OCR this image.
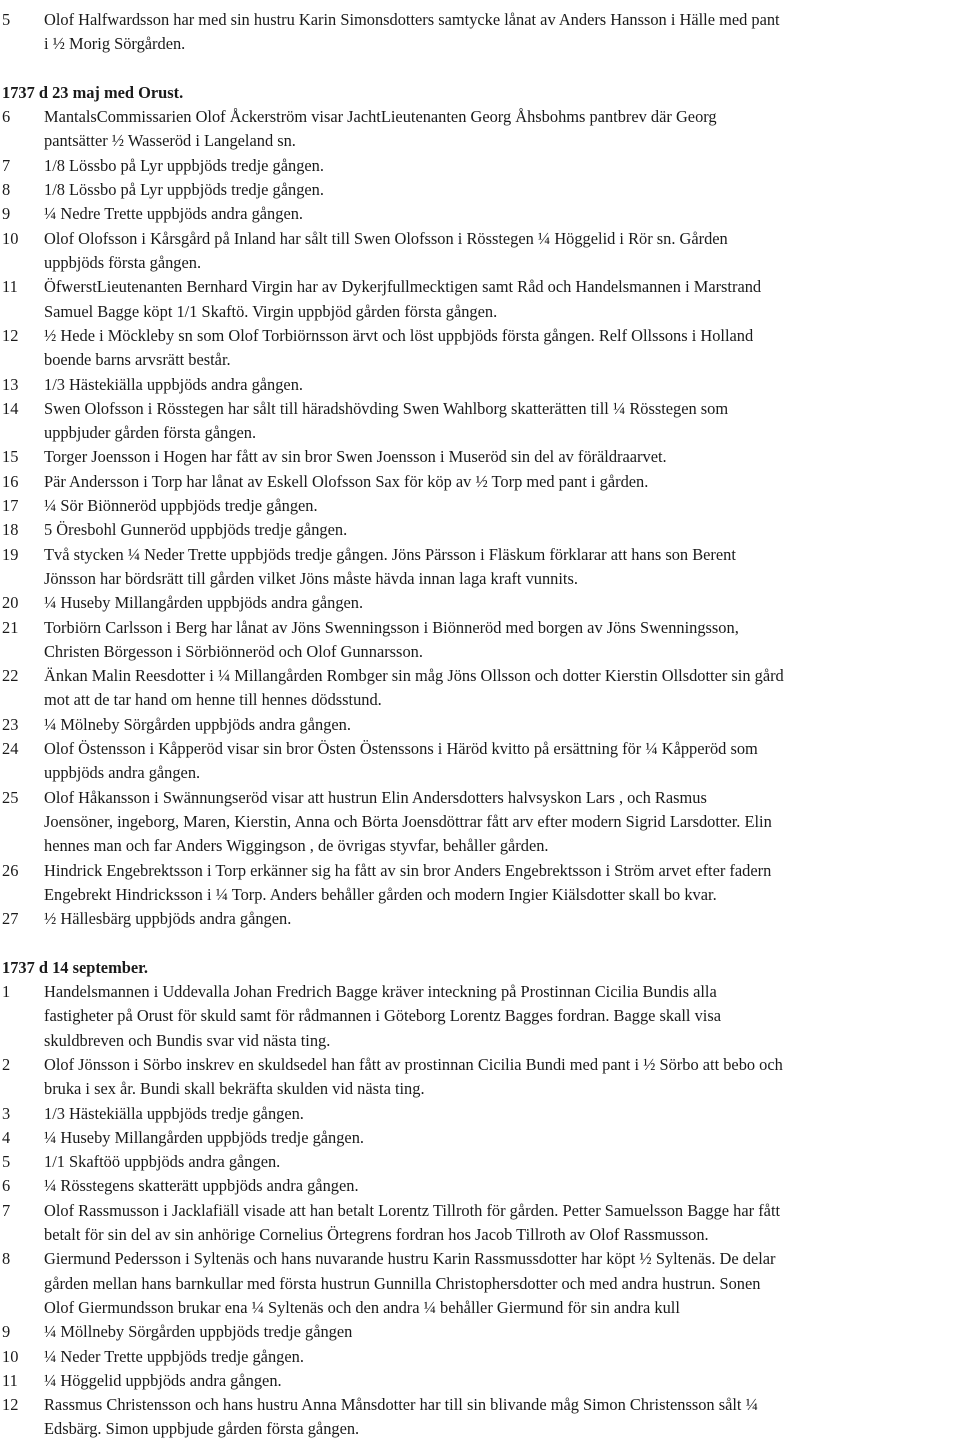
5 Olof Halfwardsson har med sin hustru Karin Simonsdotters samtycke lånat av Anders Hansson i Hälle med pant
i ½ Morig Sörgården.
1737 d 23 maj med Orust.
6 MantalsCommissarien Olof Åckerström visar JachtLieutenanten Georg Åhsbohms pantbrev där Georg
pantsätter ½ Wasseröd i Langeland sn.
7 1/8 Lössbo på Lyr uppbjöds tredje gången.
8 1/8 Lössbo på Lyr uppbjöds tredje gången.
9 ¼ Nedre Trette uppbjöds andra gången.
10 Olof Olofsson i Kårsgård på Inland har sålt till Swen Olofsson i Rösstegen ¼ Höggelid i Rör sn. Gården
uppbjöds första gången.
11 ÖfwerstLieutenanten Bernhard Virgin har av Dykerjfullmecktigen samt Råd och Handelsmannen i Marstrand
Samuel Bagge köpt 1/1 Skaftö. Virgin uppbjöd gården första gången.
12 ½ Hede i Möckleby sn som Olof Torbiörnsson ärvt och löst uppbjöds första gången. Relf Ollssons i Holland
boende barns arvsrätt består.
13 1/3 Hästekiälla uppbjöds andra gången.
14 Swen Olofsson i Rösstegen har sålt till häradshövding Swen Wahlborg skatterätten till ¼ Rösstegen som
uppbjuder gården första gången.
15 Torger Joensson i Hogen har fått av sin bror Swen Joensson i Museröd sin del av föräldraarvet.
16 Pär Andersson i Torp har lånat av Eskell Olofsson Sax för köp av ½ Torp med pant i gården.
17 ¼ Sör Biönneröd uppbjöds tredje gången.
18 5 Öresbohl Gunneröd uppbjöds tredje gången.
19 Två stycken ¼ Neder Trette uppbjöds tredje gången. Jöns Pärsson i Fläskum förklarar att hans son Berent
Jönsson har bördsrätt till gården vilket Jöns måste hävda innan laga kraft vunnits.
20 ¼ Huseby Millangården uppbjöds andra gången.
21 Torbiörn Carlsson i Berg har lånat av Jöns Swenningsson i Biönneröd med borgen av Jöns Swenningsson,
Christen Börgesson i Sörbiönneröd och Olof Gunnarsson.
22 Änkan Malin Reesdotter i ¼ Millangården Rombger sin måg Jöns Ollsson och dotter Kierstin Ollsdotter sin gård
mot att de tar hand om henne till hennes dödsstund.
23 ¼ Mölneby Sörgården uppbjöds andra gången.
24 Olof Östensson i Kåpperöd visar sin bror Östen Östenssons i Häröd kvitto på ersättning för ¼ Kåpperöd som
uppbjöds andra gången.
25 Olof Håkansson i Swännungseröd visar att hustrun Elin Andersdotters halvsyskon Lars , och Rasmus
Joensöner, ingeborg, Maren, Kierstin, Anna och Börta Joensdöttrar fått arv efter modern Sigrid Larsdotter. Elin
hennes man och far Anders Wiggingson , de övrigas styvfar, behåller gården.
26 Hindrick Engebrektsson i Torp erkänner sig ha fått av sin bror Anders Engebrektsson i Ström arvet efter fadern
Engebrekt Hindricksson i ¼ Torp. Anders behåller gården och modern Ingier Kiälsdotter skall bo kvar.
27 ½ Hällesbärg uppbjöds andra gången.
1737 d 14 september.
1 Handelsmannen i Uddevalla Johan Fredrich Bagge kräver inteckning på Prostinnan Cicilia Bundis alla
fastigheter på Orust för skuld samt för rådmannen i Göteborg Lorentz Bagges fordran. Bagge skall visa
skuldbreven och Bundis svar vid nästa ting.
2 Olof Jönsson i Sörbo inskrev en skuldsedel han fått av prostinnan Cicilia Bundi med pant i ½ Sörbo att bebo och
bruka i sex år. Bundi skall bekräfta skulden vid nästa ting.
3 1/3 Hästekiälla uppbjöds tredje gången.
4 ¼ Huseby Millangården uppbjöds tredje gången.
5 1/1 Skaftöö uppbjöds andra gången.
6 ¼ Rösstegens skatterätt uppbjöds andra gången.
7 Olof Rassmusson i Jacklafiäll visade att han betalt Lorentz Tillroth för gården. Petter Samuelsson Bagge har fått
betalt för sin del av sin anhörige Cornelius Örtegrens fordran hos Jacob Tillroth av Olof Rassmusson.
8 Giermund Pedersson i Syltenäs och hans nuvarande hustru Karin Rassmussdotter har köpt ½ Syltenäs. De delar
gården mellan hans barnkullar med första hustrun Gunnilla Christophersdotter och med andra hustrun. Sonen
Olof Giermundsson brukar ena ¼ Syltenäs och den andra ¼ behåller Giermund för sin andra kull
9 ¼ Möllneby Sörgården uppbjöds tredje gången
10 ¼ Neder Trette uppbjöds tredje gången.
11 ¼ Höggelid uppbjöds andra gången.
12 Rassmus Christensson och hans hustru Anna Månsdotter har till sin blivande måg Simon Christensson sålt ¼
Edsbärg. Simon uppbjude gården första gången.
